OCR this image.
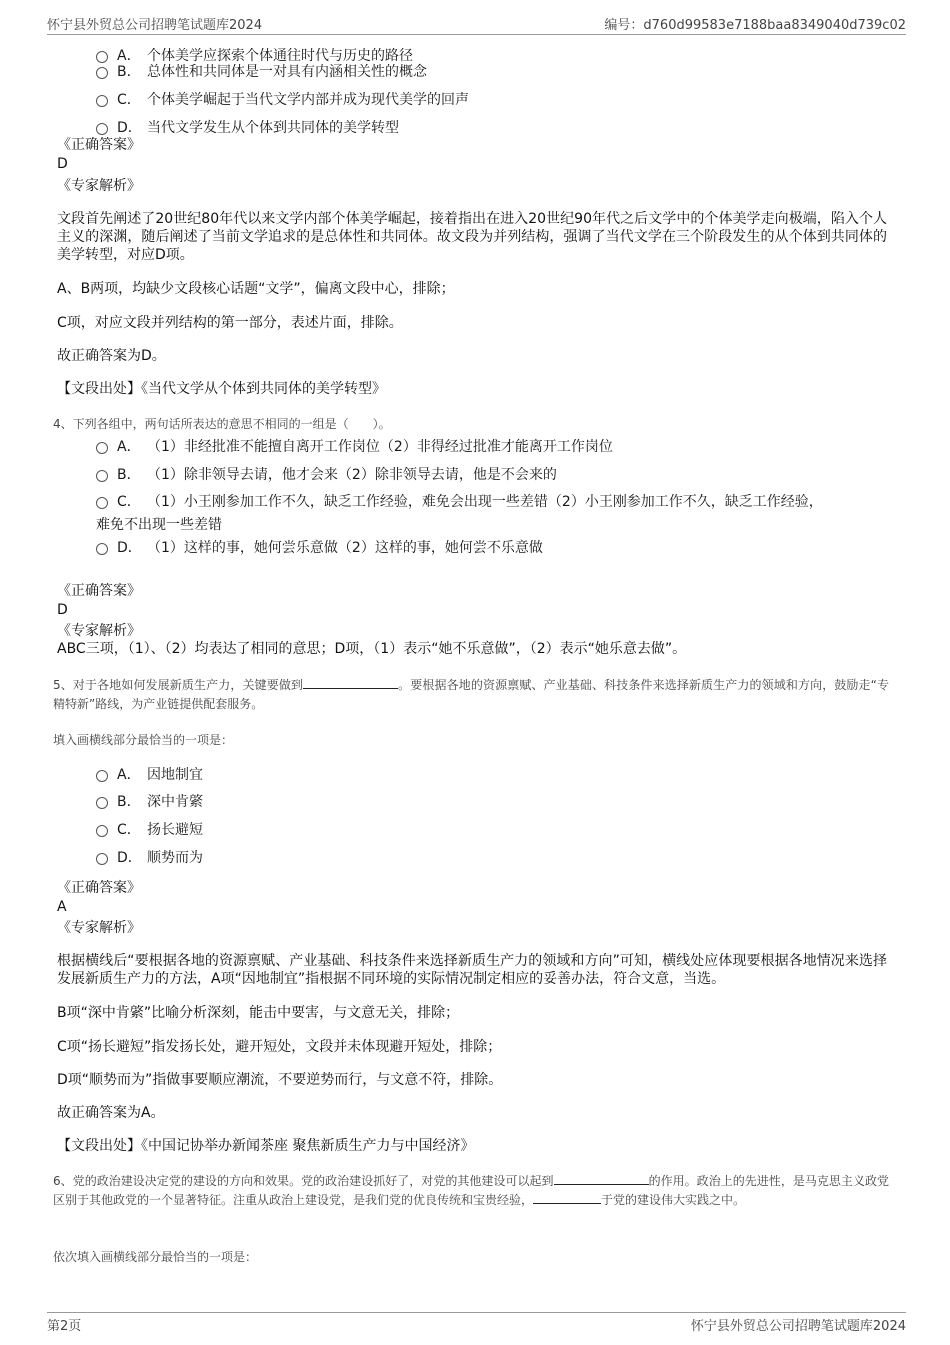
怀宁县外贸总公司招聘笔试题库2024	编号：d760d99583e7188baa8349040d739c02
A． 个体美学应探索个体通往时代与历史的路径
B． 总体性和共同体是一对具有内涵相关性的概念
C． 个体美学崛起于当代文学内部并成为现代美学的回声
D． 当代文学发生从个体到共同体的美学转型
《正确答案》
D
《专家解析》
文段首先阐述了20世纪80年代以来文学内部个体美学崛起，接着指出在进入20世纪90年代之后文学中的个体美学走向极端，陷入个人主义的深渊，随后阐述了当前文学追求的是总体性和共同体。故文段为并列结构，强调了当代文学在三个阶段发生的从个体到共同体的美学转型，对应D项。
A、B两项，均缺少文段核心话题“文学”，偏离文段中心，排除；
C项，对应文段并列结构的第一部分，表述片面，排除。
故正确答案为D。
【文段出处】《当代文学从个体到共同体的美学转型》
4、下列各组中，两句话所表达的意思不相同的一组是（　　）。
A． （1）非经批准不能擅自离开工作岗位（2）非得经过批准才能离开工作岗位
B． （1）除非领导去请，他才会来（2）除非领导去请，他是不会来的
C． （1）小王刚参加工作不久，缺乏工作经验，难免会出现一些差错（2）小王刚参加工作不久，缺乏工作经验，
难免不出现一些差错
D． （1）这样的事，她何尝乐意做（2）这样的事，她何尝不乐意做
《正确答案》
D
《专家解析》
ABC三项，（1）、（2）均表达了相同的意思；D项，（1）表示“她不乐意做”，（2）表示“她乐意去做”。
5、对于各地如何发展新质生产力，关键要做到	。要根据各地的资源禀赋、产业基础、科技条件来选择新质生产力的领域和方向，鼓励走“专精特新”路线，为产业链提供配套服务。
填入画横线部分最恰当的一项是：
A． 因地制宜
B． 深中肯綮
C． 扬长避短
D． 顺势而为
《正确答案》
A
《专家解析》
根据横线后“要根据各地的资源禀赋、产业基础、科技条件来选择新质生产力的领域和方向”可知，横线处应体现要根据各地情况来选择发展新质生产力的方法，A项“因地制宜”指根据不同环境的实际情况制定相应的妥善办法，符合文意，当选。
B项“深中肯綮”比喻分析深刻，能击中要害，与文意无关，排除；
C项“扬长避短”指发扬长处，避开短处，文段并未体现避开短处，排除；
D项“顺势而为”指做事要顺应潮流，不要逆势而行，与文意不符，排除。
故正确答案为A。
【文段出处】《中国记协举办新闻茶座 聚焦新质生产力与中国经济》
6、党的政治建设决定党的建设的方向和效果。党的政治建设抓好了，对党的其他建设可以起到	的作用。政治上的先进性，是马克思主义政党区别于其他政党的一个显著特征。注重从政治上建设党，是我们党的优良传统和宝贵经验，	于党的建设伟大实践之中。
依次填入画横线部分最恰当的一项是：
第2页	怀宁县外贸总公司招聘笔试题库2024
